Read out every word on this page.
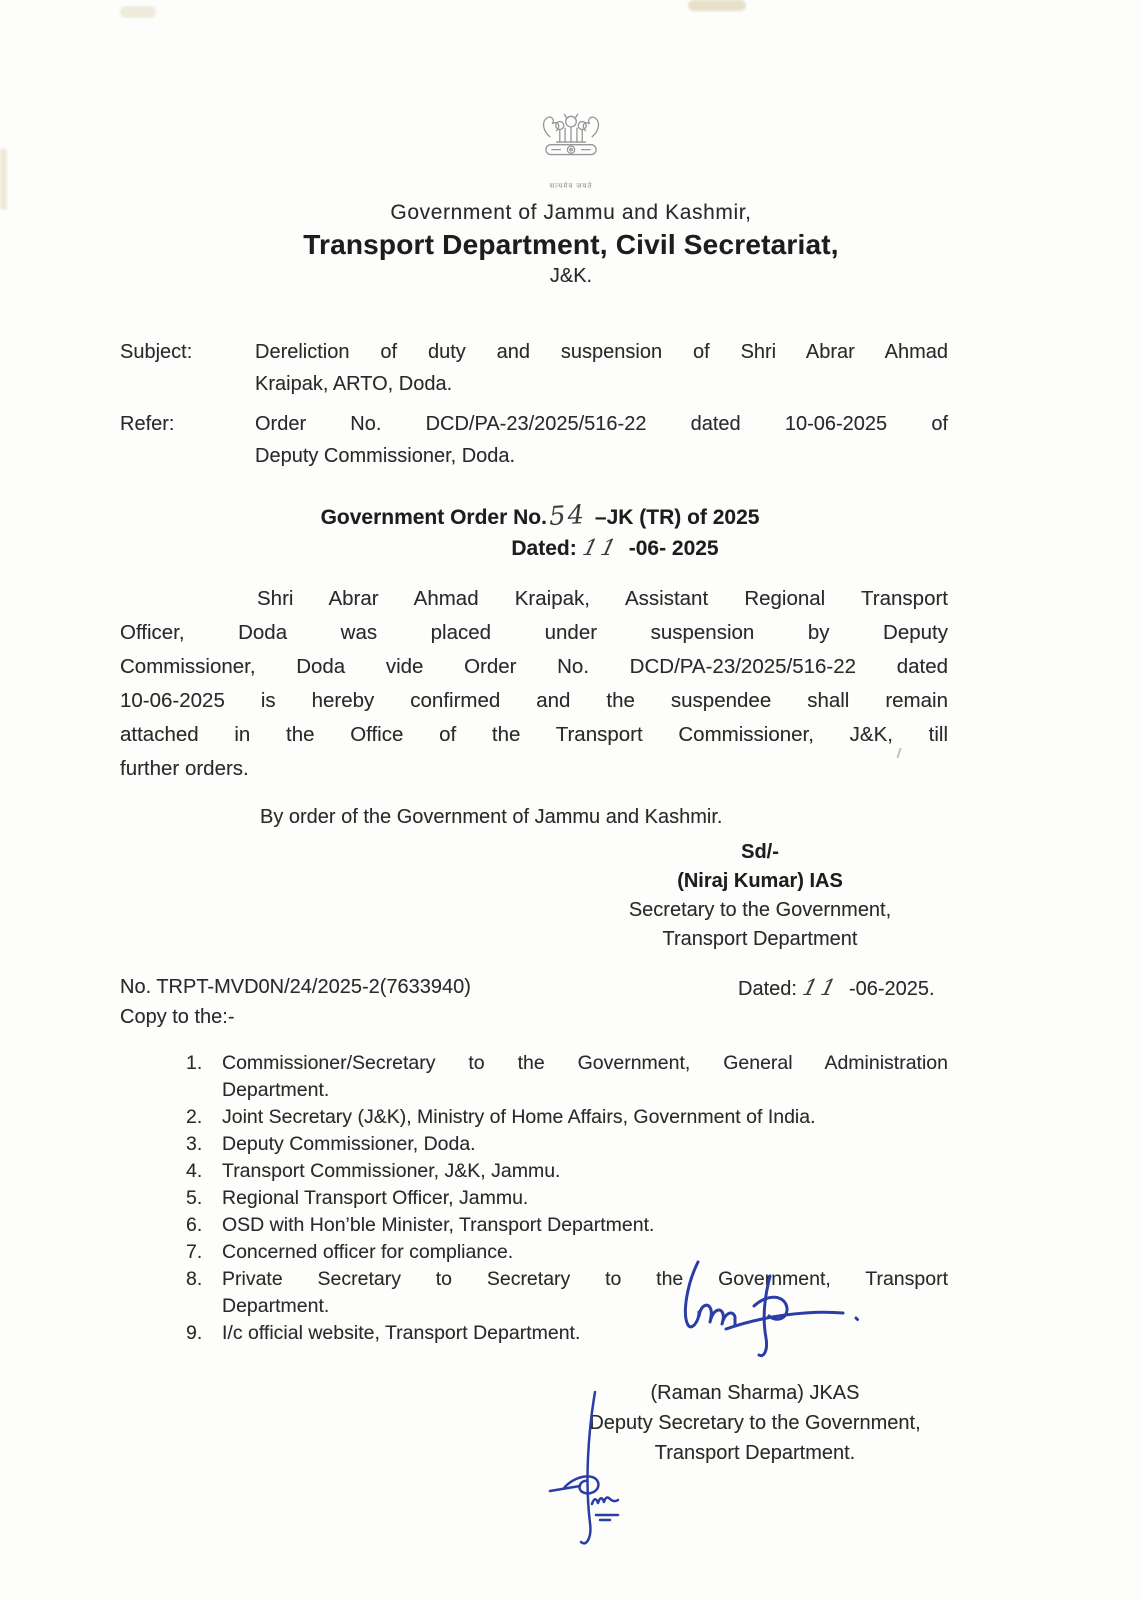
सत्यमेव जयते
Government of Jammu and Kashmir,
Transport Department, Civil Secretariat,
J&K.
Subject:	Dereliction of duty and suspension of Shri Abrar Ahmad
Kraipak, ARTO, Doda.
Refer:	Order No. DCD/PA-23/2025/516-22 dated 10-06-2025 of
Deputy Commissioner, Doda.
Government Order No.54 –JK (TR) of 2025
Dated: 11 -06- 2025
Shri Abrar Ahmad Kraipak, Assistant Regional Transport
Officer, Doda was placed under suspension by Deputy
Commissioner, Doda vide Order No. DCD/PA-23/2025/516-22 dated
10-06-2025 is hereby confirmed and the suspendee shall remain
attached in the Office of the Transport Commissioner, J&K, till
further orders.
By order of the Government of Jammu and Kashmir.
Sd/-
(Niraj Kumar) IAS
Secretary to the Government,
Transport Department
No. TRPT-MVD0N/24/2025-2(7633940)	Dated: 11 -06-2025.
Copy to the:-
1.	Commissioner/Secretary to the Government, General Administration
Department.
2.	Joint Secretary (J&K), Ministry of Home Affairs, Government of India.
3.	Deputy Commissioner, Doda.
4.	Transport Commissioner, J&K, Jammu.
5.	Regional Transport Officer, Jammu.
6.	OSD with Hon’ble Minister, Transport Department.
7.	Concerned officer for compliance.
8.	Private Secretary to Secretary to the Government, Transport
Department.
9.	I/c official website, Transport Department.
(Raman Sharma) JKAS
Deputy Secretary to the Government,
Transport Department.
